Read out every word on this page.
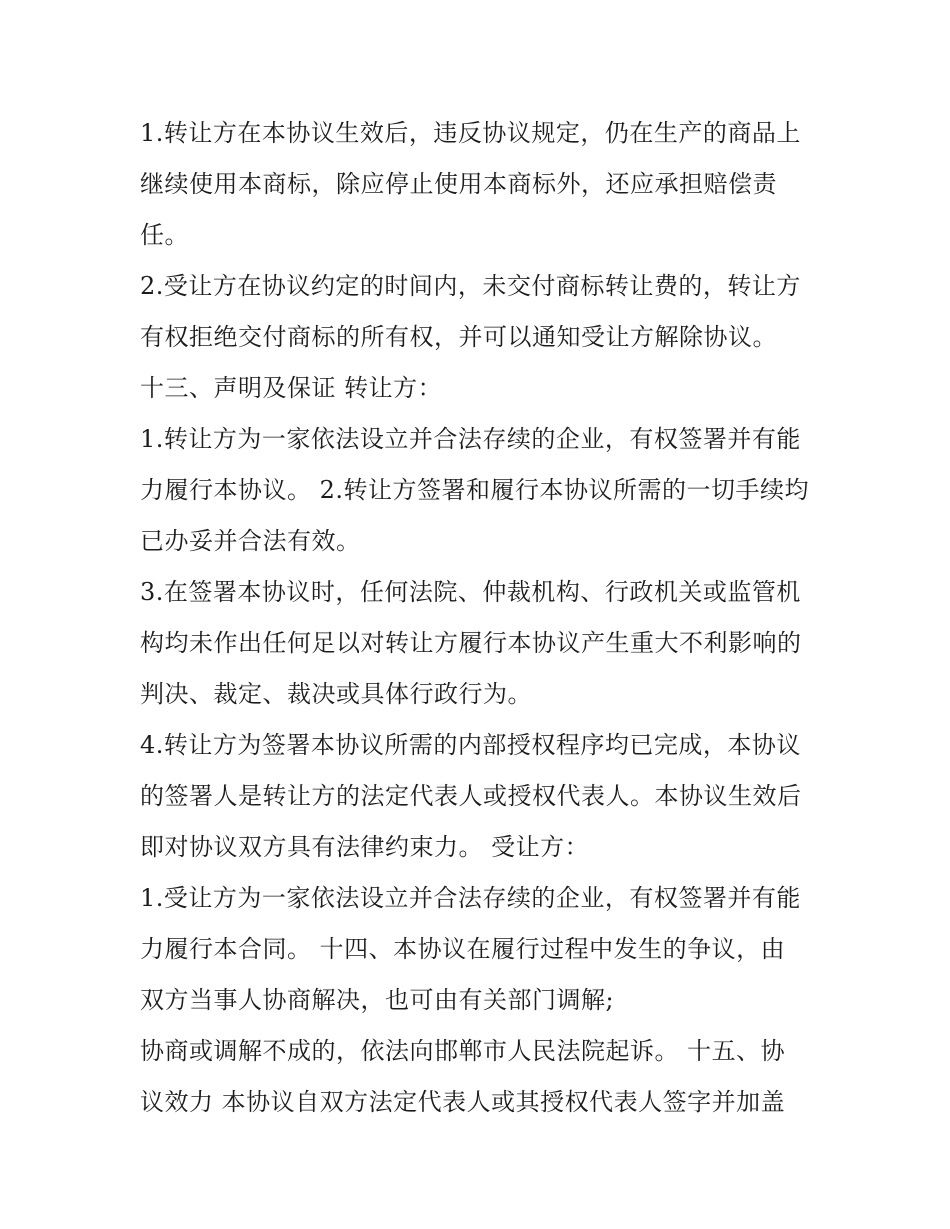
1.转让方在本协议生效后，违反协议规定，仍在生产的商品上
继续使用本商标，除应停止使用本商标外，还应承担赔偿责
任。
2.受让方在协议约定的时间内，未交付商标转让费的，转让方
有权拒绝交付商标的所有权，并可以通知受让方解除协议。
十三、声明及保证 转让方：
1.转让方为一家依法设立并合法存续的企业，有权签署并有能
力履行本协议。 2.转让方签署和履行本协议所需的一切手续均
已办妥并合法有效。
3.在签署本协议时，任何法院、仲裁机构、行政机关或监管机
构均未作出任何足以对转让方履行本协议产生重大不利影响的
判决、裁定、裁决或具体行政行为。
4.转让方为签署本协议所需的内部授权程序均已完成，本协议
的签署人是转让方的法定代表人或授权代表人。本协议生效后
即对协议双方具有法律约束力。 受让方：
1.受让方为一家依法设立并合法存续的企业，有权签署并有能
力履行本合同。 十四、本协议在履行过程中发生的争议，由
双方当事人协商解决，也可由有关部门调解;
协商或调解不成的，依法向邯郸市人民法院起诉。 十五、协
议效力 本协议自双方法定代表人或其授权代表人签字并加盖
